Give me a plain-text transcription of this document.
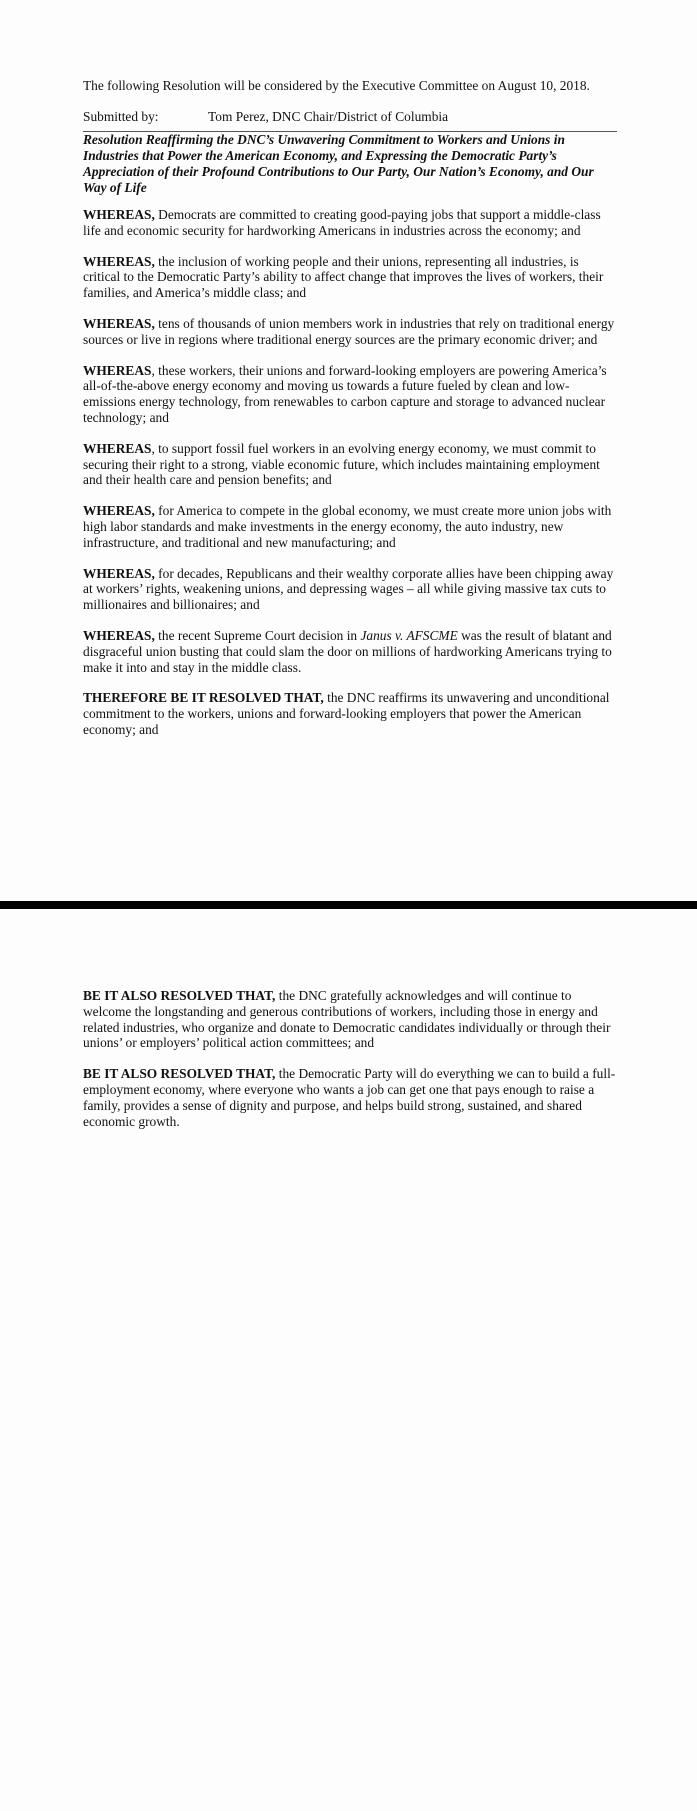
The following Resolution will be considered by the Executive Committee on August 10, 2018.
Submitted by:	Tom Perez, DNC Chair/District of Columbia
Resolution Reaffirming the DNC’s Unwavering Commitment to Workers and Unions in Industries that Power the American Economy, and Expressing the Democratic Party’s Appreciation of their Profound Contributions to Our Party, Our Nation’s Economy, and Our Way of Life

WHEREAS, Democrats are committed to creating good-paying jobs that support a middle-class life and economic security for hardworking Americans in industries across the economy; and

WHEREAS, the inclusion of working people and their unions, representing all industries, is critical to the Democratic Party’s ability to affect change that improves the lives of workers, their families, and America’s middle class; and

WHEREAS, tens of thousands of union members work in industries that rely on traditional energy sources or live in regions where traditional energy sources are the primary economic driver; and

WHEREAS, these workers, their unions and forward-looking employers are powering America’s all-of-the-above energy economy and moving us towards a future fueled by clean and low-emissions energy technology, from renewables to carbon capture and storage to advanced nuclear technology; and

WHEREAS, to support fossil fuel workers in an evolving energy economy, we must commit to securing their right to a strong, viable economic future, which includes maintaining employment and their health care and pension benefits; and

WHEREAS, for America to compete in the global economy, we must create more union jobs with high labor standards and make investments in the energy economy, the auto industry, new infrastructure, and traditional and new manufacturing; and

WHEREAS, for decades, Republicans and their wealthy corporate allies have been chipping away at workers’ rights, weakening unions, and depressing wages – all while giving massive tax cuts to millionaires and billionaires; and

WHEREAS, the recent Supreme Court decision in Janus v. AFSCME was the result of blatant and disgraceful union busting that could slam the door on millions of hardworking Americans trying to make it into and stay in the middle class.

THEREFORE BE IT RESOLVED THAT, the DNC reaffirms its unwavering and unconditional commitment to the workers, unions and forward-looking employers that power the American economy; and

BE IT ALSO RESOLVED THAT, the DNC gratefully acknowledges and will continue to welcome the longstanding and generous contributions of workers, including those in energy and related industries, who organize and donate to Democratic candidates individually or through their unions’ or employers’ political action committees; and

BE IT ALSO RESOLVED THAT, the Democratic Party will do everything we can to build a full-employment economy, where everyone who wants a job can get one that pays enough to raise a family, provides a sense of dignity and purpose, and helps build strong, sustained, and shared economic growth.
